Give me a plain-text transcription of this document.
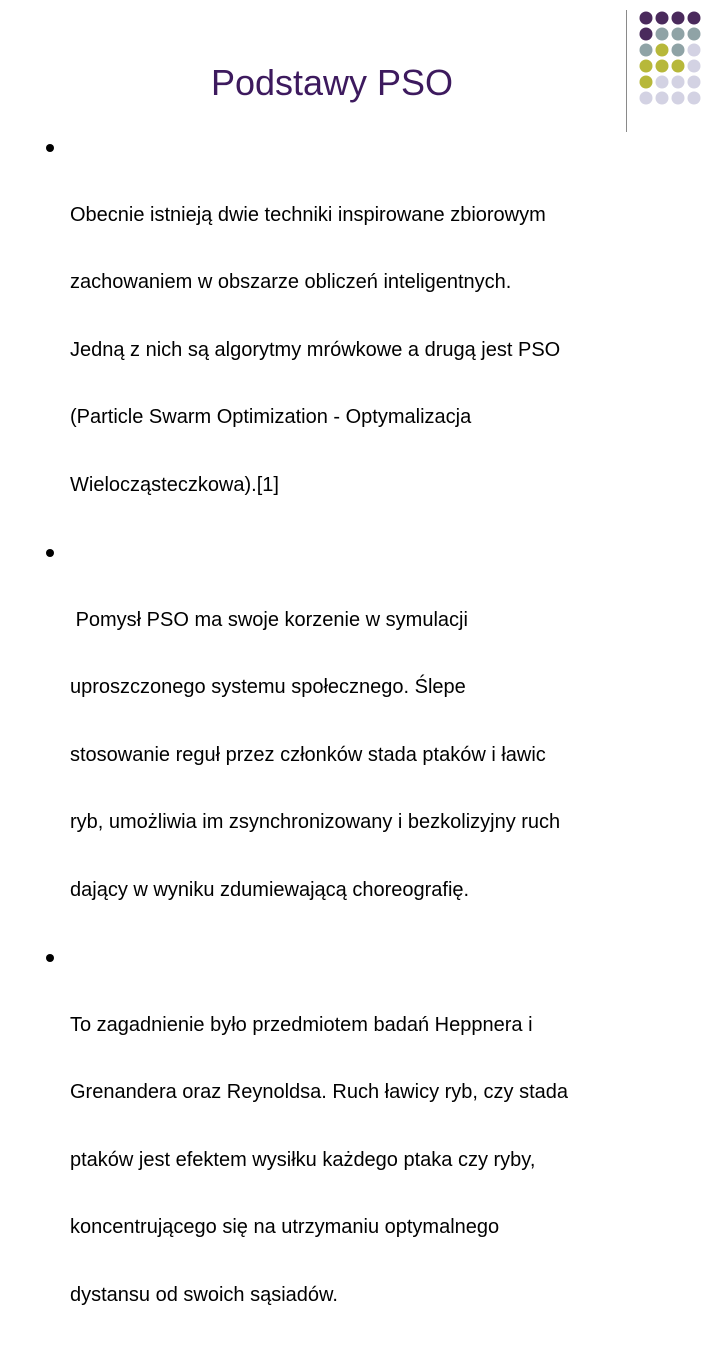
Podstawy PSO

Obecnie istnieją dwie techniki inspirowane zbiorowym

zachowaniem w obszarze obliczeń inteligentnych.

Jedną z nich są algorytmy mrówkowe a drugą jest PSO

(Particle Swarm Optimization - Optymalizacja

Wielocząsteczkowa).[1]

Pomysł PSO ma swoje korzenie w symulacji

uproszczonego systemu społecznego. Ślepe

stosowanie reguł przez członków stada ptaków i ławic

ryb, umożliwia im zsynchronizowany i bezkolizyjny ruch

dający w wyniku zdumiewającą choreografię.

To zagadnienie było przedmiotem badań Heppnera i

Grenandera oraz Reynoldsa. Ruch ławicy ryb, czy stada

ptaków jest efektem wysiłku każdego ptaka czy ryby,

koncentrującego się na utrzymaniu optymalnego

dystansu od swoich sąsiadów.
